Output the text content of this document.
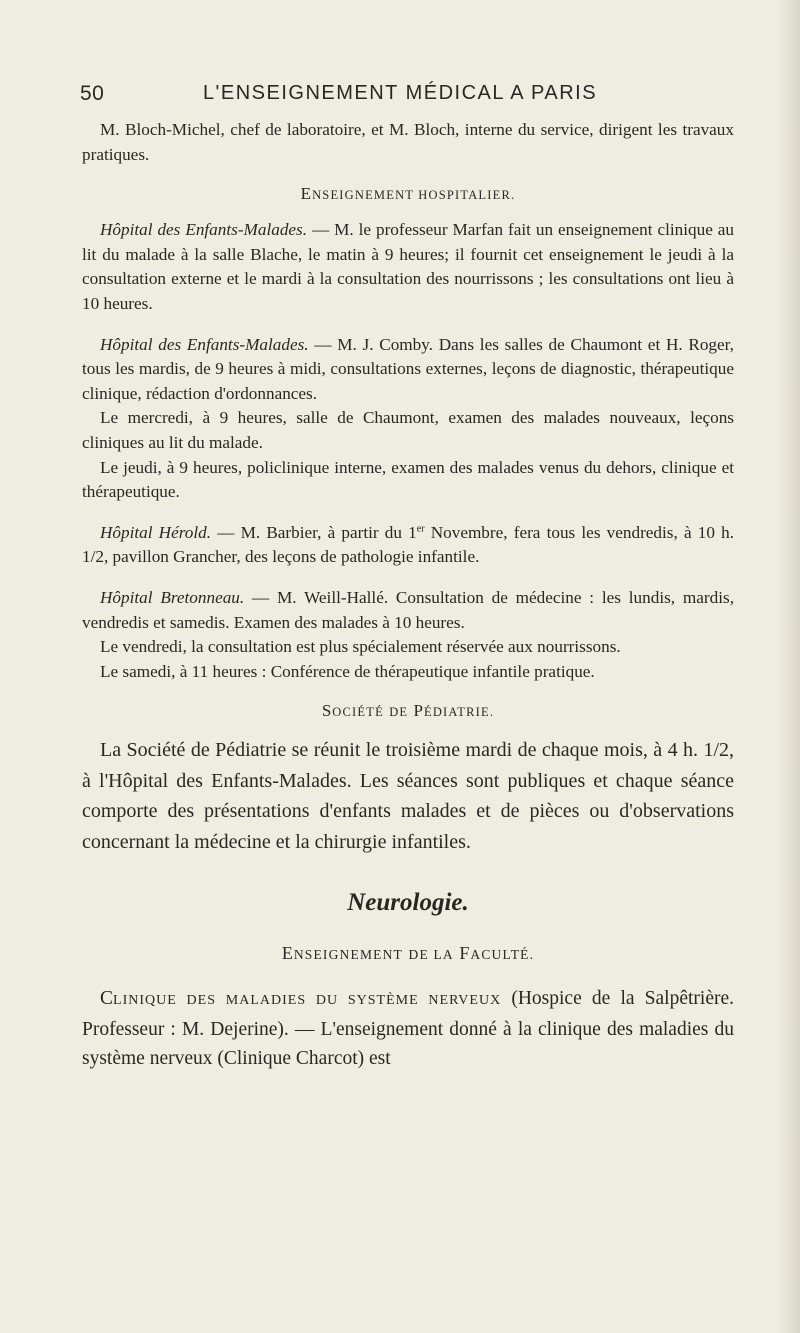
50	L'ENSEIGNEMENT MÉDICAL A PARIS

M. Bloch-Michel, chef de laboratoire, et M. Bloch, interne du service, dirigent les travaux pratiques.

ENSEIGNEMENT HOSPITALIER.

Hôpital des Enfants-Malades. — M. le professeur Marfan fait un enseignement clinique au lit du malade à la salle Blache, le matin à 9 heures; il fournit cet enseignement le jeudi à la consultation externe et le mardi à la consultation des nourrissons ; les consultations ont lieu à 10 heures.

Hôpital des Enfants-Malades. — M. J. Comby. Dans les salles de Chaumont et H. Roger, tous les mardis, de 9 heures à midi, consultations externes, leçons de diagnostic, thérapeutique clinique, rédaction d'ordonnances.

Le mercredi, à 9 heures, salle de Chaumont, examen des malades nouveaux, leçons cliniques au lit du malade.

Le jeudi, à 9 heures, policlinique interne, examen des malades venus du dehors, clinique et thérapeutique.

Hôpital Hérold. — M. Barbier, à partir du 1er Novembre, fera tous les vendredis, à 10 h. 1/2, pavillon Grancher, des leçons de pathologie infantile.

Hôpital Bretonneau. — M. Weill-Hallé. Consultation de médecine : les lundis, mardis, vendredis et samedis. Examen des malades à 10 heures.

Le vendredi, la consultation est plus spécialement réservée aux nourrissons.

Le samedi, à 11 heures : Conférence de thérapeutique infantile pratique.

SOCIÉTÉ DE PÉDIATRIE.

La Société de Pédiatrie se réunit le troisième mardi de chaque mois, à 4 h. 1/2, à l'Hôpital des Enfants-Malades. Les séances sont publiques et chaque séance comporte des présentations d'enfants malades et de pièces ou d'observations concernant la médecine et la chirurgie infantiles.

Neurologie.
ENSEIGNEMENT DE LA FACULTÉ.

CLINIQUE DES MALADIES DU SYSTÈME NERVEUX (Hospice de la Salpêtrière. Professeur : M. Dejerine). — L'enseignement donné à la clinique des maladies du système nerveux (Clinique Charcot) est
